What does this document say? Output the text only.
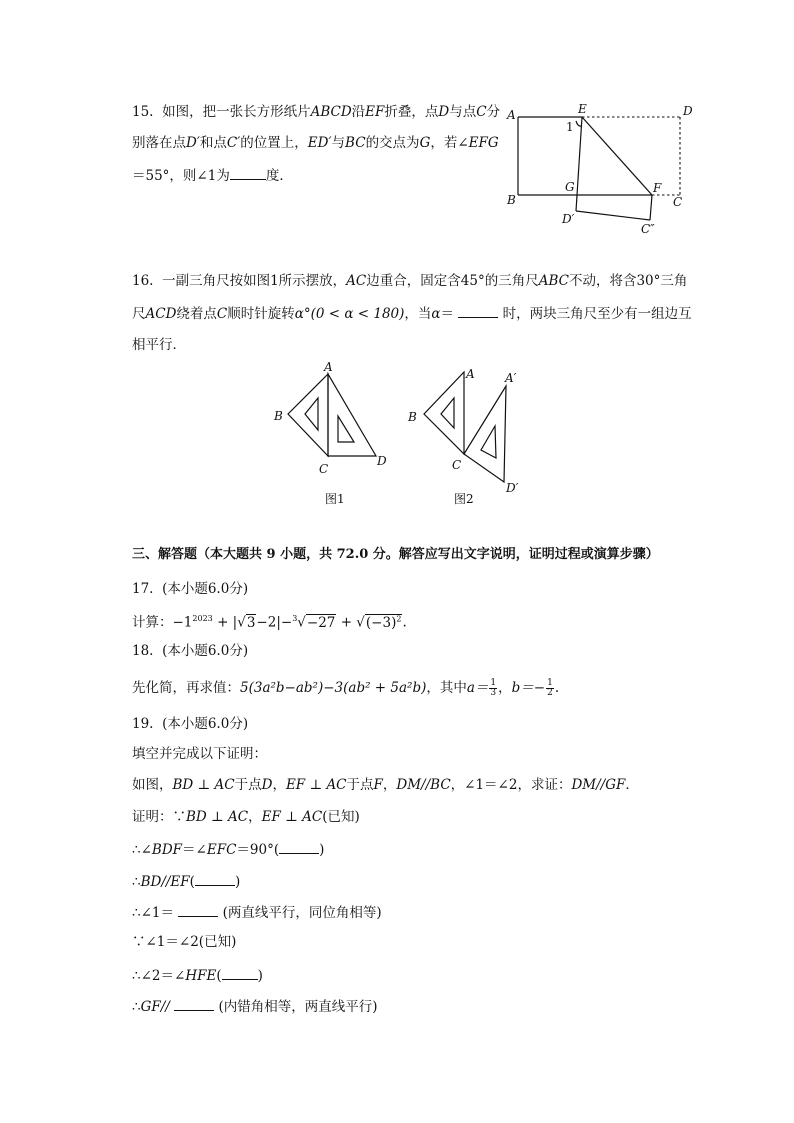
15. 如图，把一张长方形纸片ABCD沿EF折叠，点D与点C分
别落在点D′和点C′的位置上，ED′与BC的交点为G，若∠EFG
＝55°，则∠1为	度．
A	E	D
1
B
G	F
C
D′
C″
16. 一副三角尺按如图1所示摆放，AC边重合，固定含45°的三角尺ABC不动，将含30°三角
尺ACD绕着点C顺时针旋转α°(0 < α < 180)，当α＝	时，两块三角尺至少有一组边互
相平行．
A
B
C
D
图1
A	A′
B
C
D′
图2
三、解答题（本大题共 9 小题，共 72.0 分。解答应写出文字说明，证明过程或演算步骤）
17. (本小题6.0分)
计算：$-1^{2023} + |√3-2|-^3√-27 + √(-3)^2$.
18. (本小题6.0分)
先化简，再求值：5(3a²b−ab²)−3(ab² + 5a²b)，其中$a= \frac{1}{3}$ ，$b=- \frac{1}{2}$ .
19. (本小题6.0分)
填空并完成以下证明：
如图，BD ⊥ AC于点D，EF ⊥ AC于点F，DM//BC，∠1＝∠2，求证：DM//GF．
证明：∵BD ⊥ AC，EF ⊥ AC(已知)
∴∠BDF＝∠EFC＝90°(	)
∴BD//EF(	)
∴∠1＝	(两直线平行，同位角相等)
∵∠1＝∠2(已知)
∴∠2＝∠HFE(	)
∴GF//	(内错角相等，两直线平行)
